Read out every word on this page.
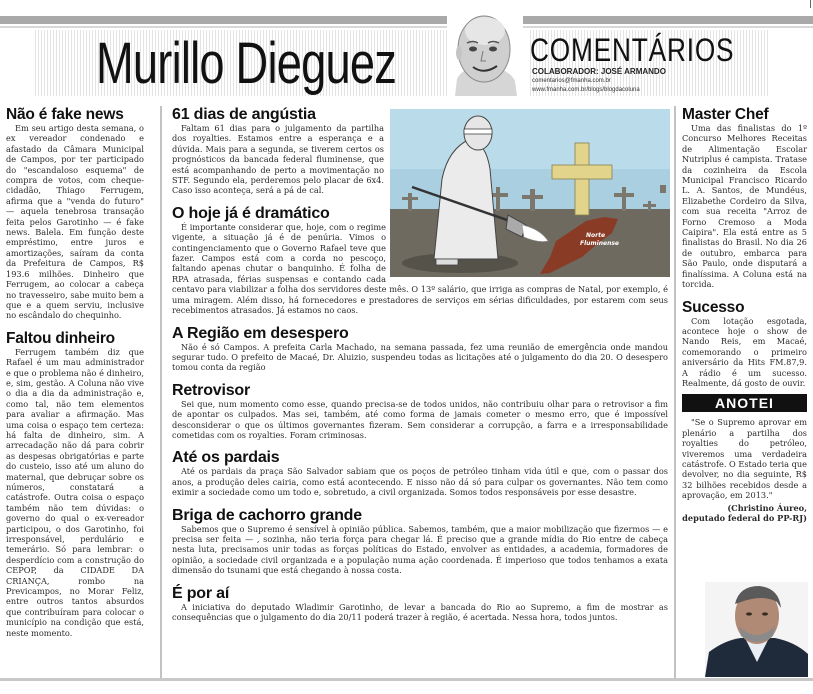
Murillo Dieguez	COMENTÁRIOS
COLABORADOR: JOSÉ ARMANDO
comentarios@fmanha.com.br
www.fmanha.com.br/blogs/blogdacoluna
Não é fake news

Em seu artigo desta semana, o ex vereador condenado e afastado da Câmara Municipal de Campos, por ter participado do "escandaloso esquema" de compra de votos, com cheque-cidadão, Thiago Ferrugem, afirma que a "venda do futuro" — aquela tenebrosa transação feita pelos Garotinho — é fake news. Balela. Em função deste empréstimo, entre juros e amortizações, saíram da conta da Prefeitura de Campos, R$ 193.6 milhões. Dinheiro que Ferrugem, ao colocar a cabeça no travesseiro, sabe muito bem a que e a quem serviu, inclusive no escândalo do chequinho.

Faltou dinheiro

Ferrugem também diz que Rafael é um mau administrador e que o problema não é dinheiro, e, sim, gestão. A Coluna não vive o dia a dia da administração e, como tal, não tem elementos para avaliar a afirmação. Mas uma coisa o espaço tem certeza: há falta de dinheiro, sim. A arrecadação não dá para cobrir as despesas obrigatórias e parte do custeio, isso até um aluno do maternal, que debruçar sobre os números, constatará a catástrofe. Outra coisa o espaço também não tem dúvidas: o governo do qual o ex-vereador participou, o dos Garotinho, foi irresponsável, perdulário e temerário. Só para lembrar: o desperdício com a construção do CEPOP, da CIDADE DA CRIANÇA, rombo na Previcampos, no Morar Feliz, entre outros tantos absurdos que contribuíram para colocar o município na condição que está, neste momento.

61 dias de angústia

Faltam 61 dias para o julgamento da partilha dos royalties. Estamos entre a esperança e a dúvida. Mais para a segunda, se tiverem certos os prognósticos da bancada federal fluminense, que está acompanhando de perto a movimentação no STF. Segundo ela, perderemos pelo placar de 6x4. Caso isso aconteça, será a pá de cal.

O hoje já é dramático

É importante considerar que, hoje, com o regime vigente, a situação já é de penúria. Vimos o contingenciamento que o Governo Rafael teve que fazer. Campos está com a corda no pescoço, faltando apenas chutar o banquinho. É folha de RPA atrasada, férias suspensas e contando cada centavo para viabilizar a folha dos servidores deste mês. O 13º salário, que irriga as compras de Natal, por exemplo, é uma miragem. Além disso, há fornecedores e prestadores de serviços em sérias dificuldades, por estarem com seus recebimentos atrasados. Já estamos no caos.

A Região em desespero

Não é só Campos. A prefeita Carla Machado, na semana passada, fez uma reunião de emergência onde mandou segurar tudo. O prefeito de Macaé, Dr. Aluizio, suspendeu todas as licitações até o julgamento do dia 20. O desespero tomou conta da região

Retrovisor

Sei que, num momento como esse, quando precisa-se de todos unidos, não contribuiu olhar para o retrovisor a fim de apontar os culpados. Mas sei, também, até como forma de jamais cometer o mesmo erro, que é impossível desconsiderar o que os últimos governantes fizeram. Sem considerar a corrupção, a farra e a irresponsabilidade cometidas com os royalties. Foram criminosas.

Até os pardais

Até os pardais da praça São Salvador sabiam que os poços de petróleo tinham vida útil e que, com o passar dos anos, a produção deles cairia, como está acontecendo. E nisso não dá só para culpar os governantes. Não tem como eximir a sociedade como um todo e, sobretudo, a civil organizada. Somos todos responsáveis por esse desastre.

Briga de cachorro grande

Sabemos que o Supremo é sensível à opinião pública. Sabemos, também, que a maior mobilização que fizermos — e precisa ser feita — , sozinha, não teria força para chegar lá. É preciso que a grande mídia do Rio entre de cabeça nesta luta, precisamos unir todas as forças políticas do Estado, envolver as entidades, a academia, formadores de opinião, a sociedade civil organizada e a população numa ação coordenada. É imperioso que todos tenhamos a exata dimensão do tsunami que está chegando à nossa costa.

É por aí

A iniciativa do deputado Wladimir Garotinho, de levar a bancada do Rio ao Supremo, a fim de mostrar as consequências que o julgamento do dia 20/11 poderá trazer à região, é acertada. Nessa hora, todos juntos.

Norte
Fluminense
Master Chef

Uma das finalistas do 1º Concurso Melhores Receitas de Alimentação Escolar Nutriplus é campista. Tratase da cozinheira da Escola Municipal Francisco Ricardo L. A. Santos, de Mundéus, Elizabethe Cordeiro da Silva, com sua receita "Arroz de Forno Cremoso a Moda Caipira". Ela está entre as 5 finalistas do Brasil. No dia 26 de outubro, embarca para São Paulo, onde disputará a finalíssima. A Coluna está na torcida.

Sucesso

Com lotação esgotada, acontece hoje o show de Nando Reis, em Macaé, comemorando o primeiro aniversário da Hits FM.87,9. A rádio é um sucesso. Realmente, dá gosto de ouvir.

ANOTEI

"Se o Supremo aprovar em plenário a partilha dos royalties do petróleo, viveremos uma verdadeira catástrofe. O Estado teria que devolver, no dia seguinte, R$ 32 bilhões recebidos desde a aprovação, em 2013."

(Christino Áureo, deputado federal do PP-RJ)
